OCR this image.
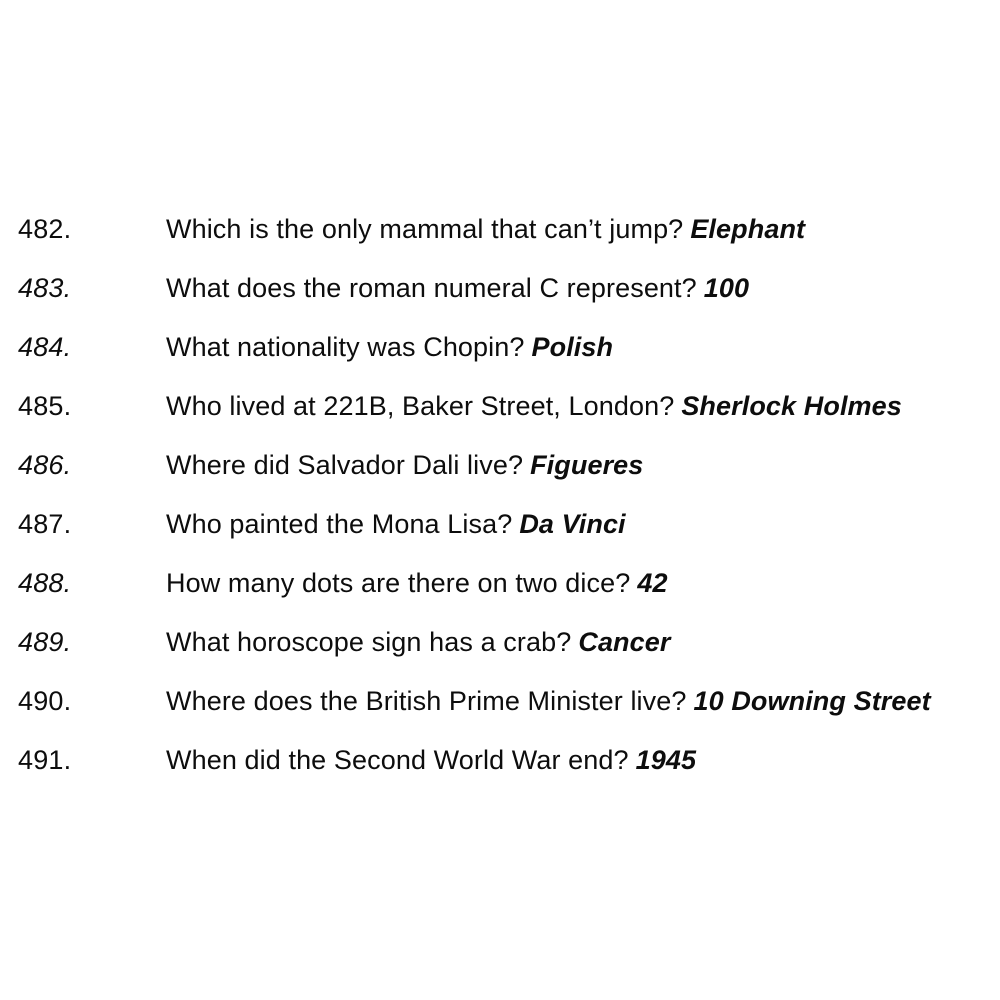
482.	Which is the only mammal that can’t jump? Elephant
483.	What does the roman numeral C represent? 100
484.	What nationality was Chopin? Polish
485.	Who lived at 221B, Baker Street, London? Sherlock Holmes
486.	Where did Salvador Dali live? Figueres
487.	Who painted the Mona Lisa? Da Vinci
488.	How many dots are there on two dice? 42
489.	What horoscope sign has a crab? Cancer
490.	Where does the British Prime Minister live? 10 Downing Street
491.	When did the Second World War end? 1945
